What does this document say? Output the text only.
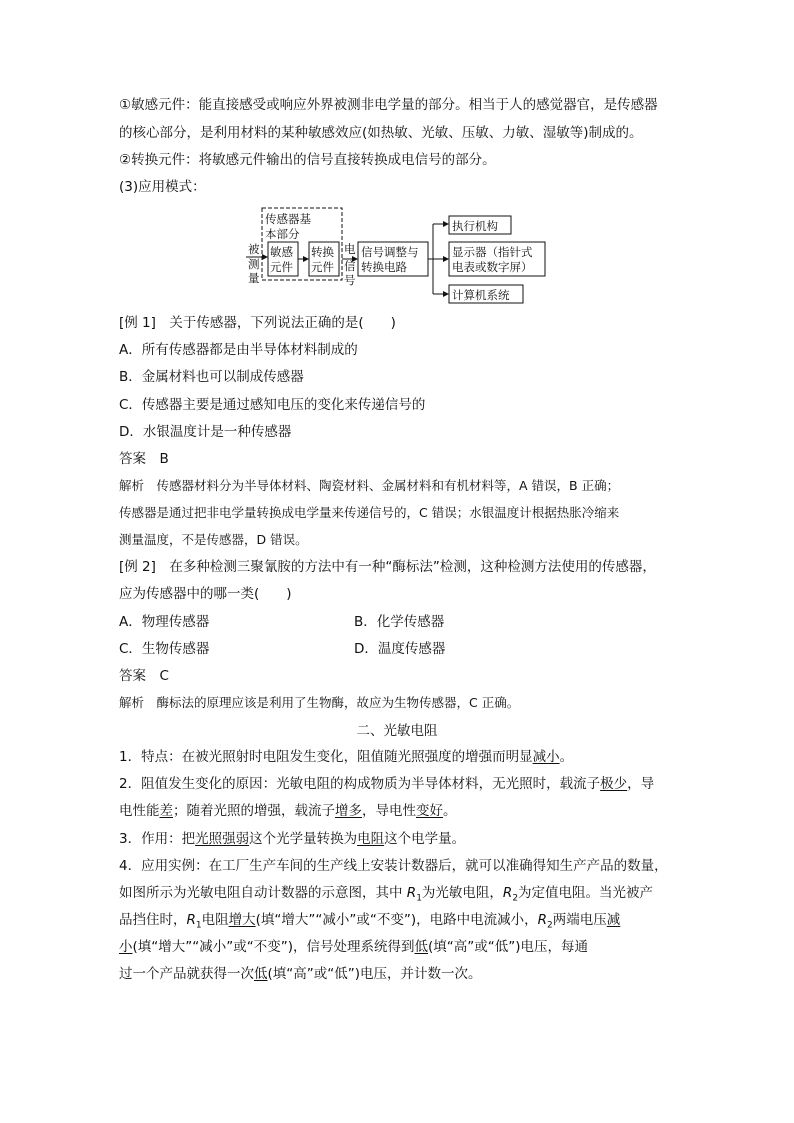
①敏感元件：能直接感受或响应外界被测非电学量的部分。相当于人的感觉器官，是传感器
的核心部分，是利用材料的某种敏感效应(如热敏、光敏、压敏、力敏、湿敏等)制成的。
②转换元件：将敏感元件输出的信号直接转换成电信号的部分。
(3)应用模式：
传感器基
本部分
被
测
量
敏感
元件
转换
元件
电
信
号
信号调整与
转换电路
执行机构
显示器（指针式
电表或数字屏）
计算机系统
[例 1]　关于传感器，下列说法正确的是(　　)
A．所有传感器都是由半导体材料制成的
B．金属材料也可以制成传感器
C．传感器主要是通过感知电压的变化来传递信号的
D．水银温度计是一种传感器
答案　B
解析　传感器材料分为半导体材料、陶瓷材料、金属材料和有机材料等，A 错误，B 正确；
传感器是通过把非电学量转换成电学量来传递信号的，C 错误；水银温度计根据热胀冷缩来
测量温度，不是传感器，D 错误。
[例 2]　在多种检测三聚氰胺的方法中有一种“酶标法”检测，这种检测方法使用的传感器，
应为传感器中的哪一类(　　)
A．物理传感器	B．化学传感器
C．生物传感器	D．温度传感器
答案　C
解析　酶标法的原理应该是利用了生物酶，故应为生物传感器，C 正确。
二、光敏电阻
1．特点：在被光照射时电阻发生变化，阻值随光照强度的增强而明显减小。
2．阻值发生变化的原因：光敏电阻的构成物质为半导体材料，无光照时，载流子极少，导
电性能差；随着光照的增强，载流子增多，导电性变好。
3．作用：把光照强弱这个光学量转换为电阻这个电学量。
4．应用实例：在工厂生产车间的生产线上安装计数器后，就可以准确得知生产产品的数量，
如图所示为光敏电阻自动计数器的示意图，其中 $R_1$为光敏电阻，$R_2$为定值电阻。当光被产
品挡住时，$R_1$电阻增大(填“增大”“减小”或“不变”)，电路中电流减小，$R_2$两端电压减
小(填“增大”“减小”或“不变”)，信号处理系统得到低(填“高”或“低”)电压，每通
过一个产品就获得一次低(填“高”或“低”)电压，并计数一次。
